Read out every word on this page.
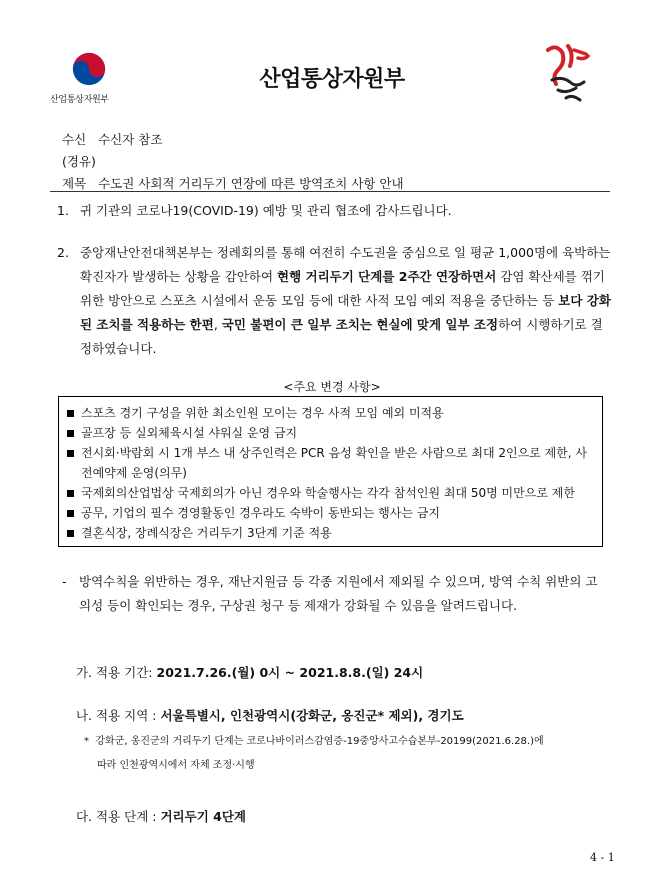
산업통상자원부
산업통상자원부
수신 수신자 참조
(경유)
제목 수도권 사회적 거리두기 연장에 따른 방역조치 사항 안내
1. 귀 기관의 코로나19(COVID-19) 예방 및 관리 협조에 감사드립니다.
2. 중앙재난안전대책본부는 정례회의를 통해 여전히 수도권을 중심으로 일 평균 1,000명에 육박하는 확진자가 발생하는 상황을 감안하여 현행 거리두기 단계를 2주간 연장하면서 감염 확산세를 꺾기 위한 방안으로 스포츠 시설에서 운동 모임 등에 대한 사적 모임 예외 적용을 중단하는 등 보다 강화된 조치를 적용하는 한편, 국민 불편이 큰 일부 조치는 현실에 맞게 일부 조정하여 시행하기로 결정하였습니다.
<주요 변경 사항>
스포츠 경기 구성을 위한 최소인원 모이는 경우 사적 모임 예외 미적용
골프장 등 실외체육시설 샤워실 운영 금지
전시회·박람회 시 1개 부스 내 상주인력은 PCR 음성 확인을 받은 사람으로 최대 2인으로 제한, 사전예약제 운영(의무)
국제회의산업법상 국제회의가 아닌 경우와 학술행사는 각각 참석인원 최대 50명 미만으로 제한
공무, 기업의 필수 경영활동인 경우라도 숙박이 동반되는 행사는 금지
결혼식장, 장례식장은 거리두기 3단계 기준 적용
- 방역수칙을 위반하는 경우, 재난지원금 등 각종 지원에서 제외될 수 있으며, 방역 수칙 위반의 고의성 등이 확인되는 경우, 구상권 청구 등 제재가 강화될 수 있음을 알려드립니다.
가. 적용 기간: 2021.7.26.(월) 0시 ~ 2021.8.8.(일) 24시
나. 적용 지역 : 서울특별시, 인천광역시(강화군, 옹진군* 제외), 경기도
* 강화군, 옹진군의 거리두기 단계는 코로나바이러스감염증-19중앙사고수습본부-20199(2021.6.28.)에
따라 인천광역시에서 자체 조정·시행
다. 적용 단계 : 거리두기 4단계
4 - 1
